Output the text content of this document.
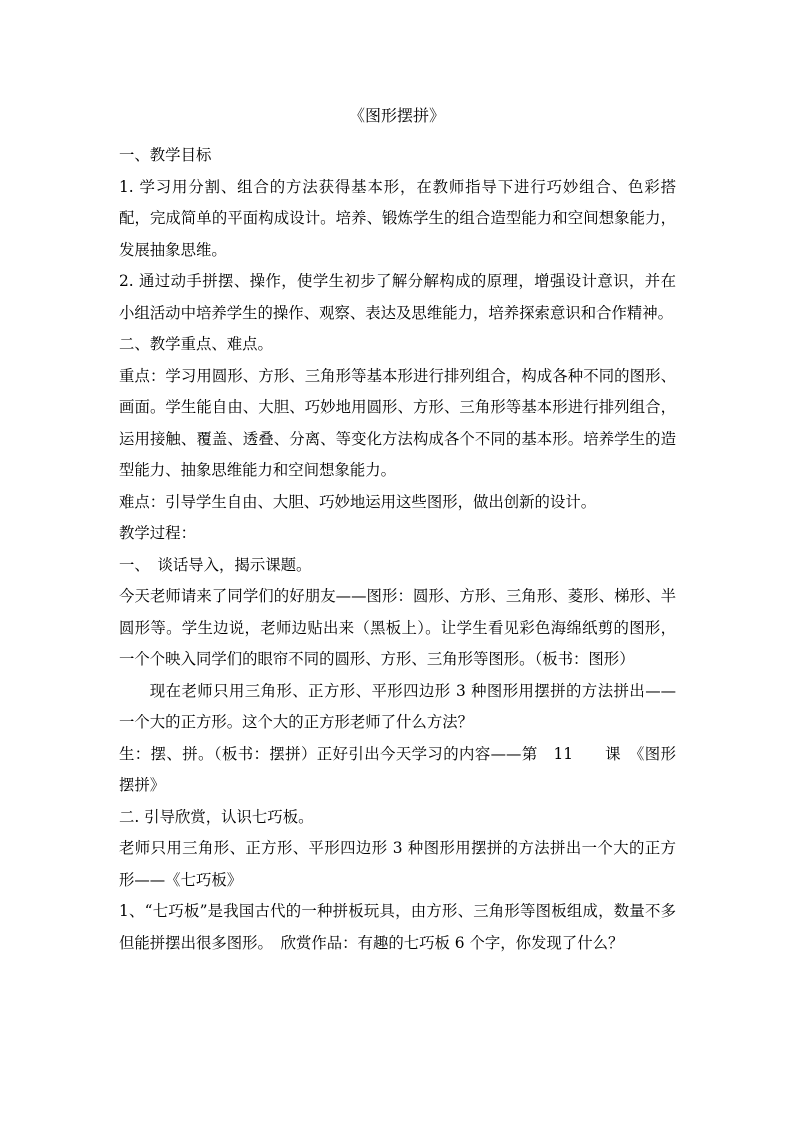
《图形摆拼》

一、教学目标

1. 学习用分割、组合的方法获得基本形，在教师指导下进行巧妙组合、色彩搭配，完成简单的平面构成设计。培养、锻炼学生的组合造型能力和空间想象能力，发展抽象思维。

2. 通过动手拼摆、操作，使学生初步了解分解构成的原理，增强设计意识，并在小组活动中培养学生的操作、观察、表达及思维能力，培养探索意识和合作精神。

二、教学重点、难点。

重点：学习用圆形、方形、三角形等基本形进行排列组合，构成各种不同的图形、画面。学生能自由、大胆、巧妙地用圆形、方形、三角形等基本形进行排列组合，运用接触、覆盖、透叠、分离、等变化方法构成各个不同的基本形。培养学生的造型能力、抽象思维能力和空间想象能力。

难点：引导学生自由、大胆、巧妙地运用这些图形，做出创新的设计。

教学过程：

一、　谈话导入，揭示课题。

今天老师请来了同学们的好朋友——图形：圆形、方形、三角形、菱形、梯形、半圆形等。学生边说，老师边贴出来（黑板上）。让学生看见彩色海绵纸剪的图形，一个个映入同学们的眼帘不同的圆形、方形、三角形等图形。（板书：图形）

现在老师只用三角形、正方形、平形四边形 3 种图形用摆拼的方法拼出——一个大的正方形。这个大的正方形老师了什么方法？

生：摆、拼。（板书：摆拼）正好引出今天学习的内容——第　11　　课　《图形摆拼》

二. 引导欣赏，认识七巧板。

老师只用三角形、正方形、平形四边形 3 种图形用摆拼的方法拼出一个大的正方形——《七巧板》

1、“七巧板”是我国古代的一种拼板玩具，由方形、三角形等图板组成，数量不多但能拼摆出很多图形。　欣赏作品：有趣的七巧板 6 个字，你发现了什么？
